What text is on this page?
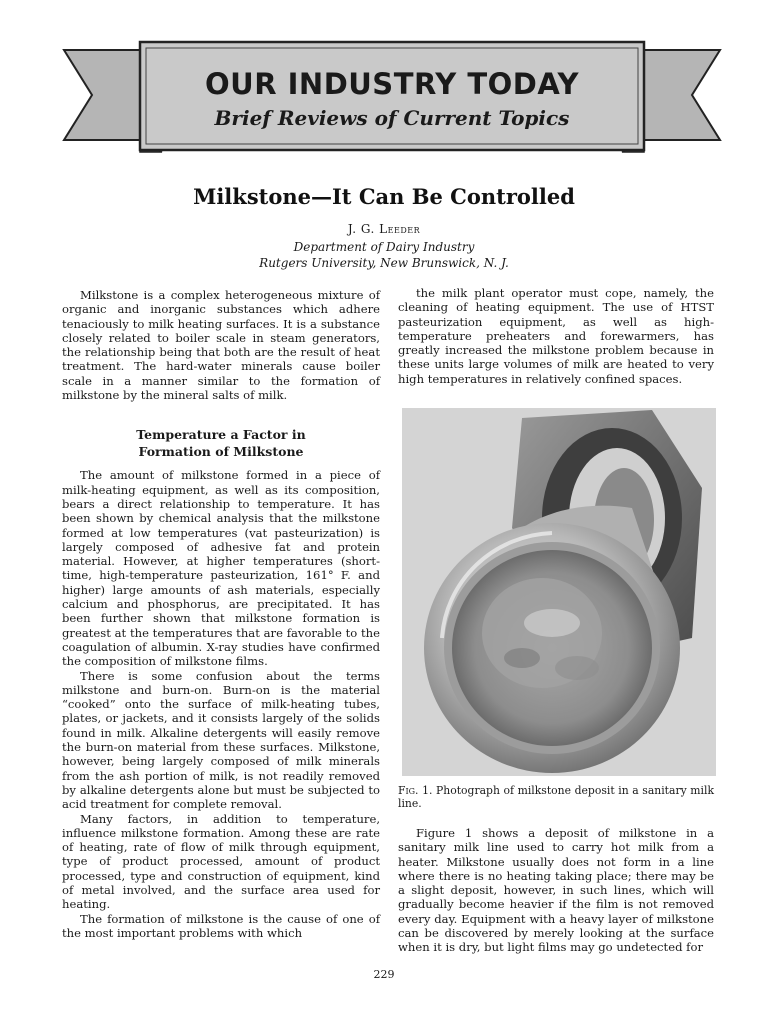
OUR INDUSTRY TODAY
Brief Reviews of Current Topics
Milkstone—It Can Be Controlled
J. G. Leeder
Department of Dairy Industry
Rutgers University, New Brunswick, N. J.

Milkstone is a complex heterogeneous mixture of organic and inorganic substances which adhere tenaciously to milk heating surfaces. It is a substance closely related to boiler scale in steam generators, the relationship being that both are the result of heat treatment. The hard-water minerals cause boiler scale in a manner similar to the formation of milkstone by the mineral salts of milk.

Temperature a Factor in
Formation of Milkstone

The amount of milkstone formed in a piece of milk-heating equipment, as well as its composition, bears a direct relationship to temperature. It has been shown by chemical analysis that the milkstone formed at low temperatures (vat pasteurization) is largely composed of adhesive fat and protein material. However, at higher temperatures (short-time, high-temperature pasteurization, 161° F. and higher) large amounts of ash materials, especially calcium and phosphorus, are precipitated. It has been further shown that milkstone formation is greatest at the temperatures that are favorable to the coagulation of albumin. X-ray studies have confirmed the composition of milkstone films.

There is some confusion about the terms milkstone and burn-on. Burn-on is the material “cooked” onto the surface of milk-heating tubes, plates, or jackets, and it consists largely of the solids found in milk. Alkaline detergents will easily remove the burn-on material from these surfaces. Milkstone, however, being largely composed of milk minerals from the ash portion of milk, is not readily removed by alkaline detergents alone but must be subjected to acid treatment for complete removal.

Many factors, in addition to temperature, influence milkstone formation. Among these are rate of heating, rate of flow of milk through equipment, type of product processed, amount of product processed, type and construction of equipment, kind of metal involved, and the surface area used for heating.

The formation of milkstone is the cause of one of the most important problems with which

the milk plant operator must cope, namely, the cleaning of heating equipment. The use of HTST pasteurization equipment, as well as high-temperature preheaters and forewarmers, has greatly increased the milkstone problem because in these units large volumes of milk are heated to very high temperatures in relatively confined spaces.

Fig. 1. Photograph of milkstone deposit in a sanitary milk line.

Figure 1 shows a deposit of milkstone in a sanitary milk line used to carry hot milk from a heater. Milkstone usually does not form in a line where there is no heating taking place; there may be a slight deposit, however, in such lines, which will gradually become heavier if the film is not removed every day. Equipment with a heavy layer of milkstone can be discovered by merely looking at the surface when it is dry, but light films may go undetected for

229
